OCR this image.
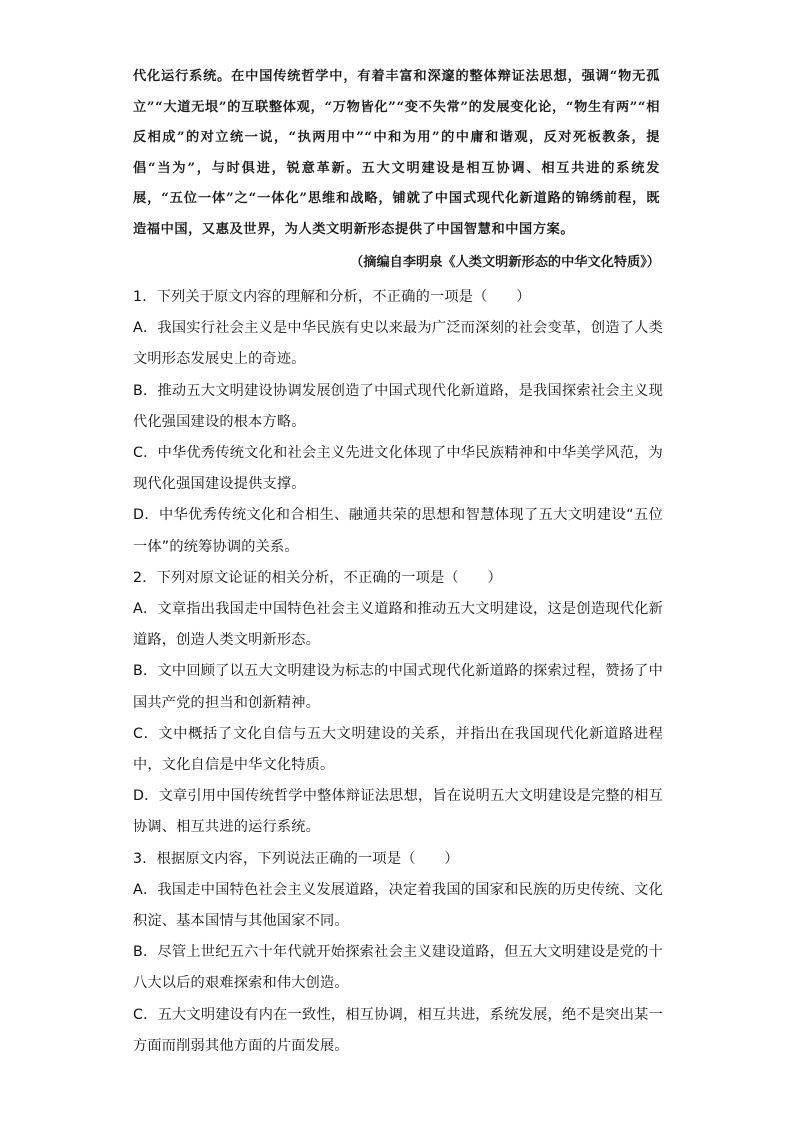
代化运行系统。在中国传统哲学中，有着丰富和深邃的整体辩证法思想，强调“物无孤立”“大道无垠”的互联整体观，“万物皆化”“变不失常”的发展变化论，“物生有两”“相反相成”的对立统一说，“执两用中”“中和为用”的中庸和谐观，反对死板教条，提倡“当为”，与时俱进，锐意革新。五大文明建设是相互协调、相互共进的系统发展，“五位一体”之“一体化”思维和战略，铺就了中国式现代化新道路的锦绣前程，既造福中国，又惠及世界，为人类文明新形态提供了中国智慧和中国方案。
（摘编自李明泉《人类文明新形态的中华文化特质》）

1．下列关于原文内容的理解和分析，不正确的一项是（　　）

A．我国实行社会主义是中华民族有史以来最为广泛而深刻的社会变革，创造了人类文明形态发展史上的奇迹。

B．推动五大文明建设协调发展创造了中国式现代化新道路，是我国探索社会主义现代化强国建设的根本方略。

C．中华优秀传统文化和社会主义先进文化体现了中华民族精神和中华美学风范，为现代化强国建设提供支撑。

D．中华优秀传统文化和合相生、融通共荣的思想和智慧体现了五大文明建设“五位一体”的统筹协调的关系。

2．下列对原文论证的相关分析，不正确的一项是（　　）

A．文章指出我国走中国特色社会主义道路和推动五大文明建设，这是创造现代化新道路，创造人类文明新形态。

B．文中回顾了以五大文明建设为标志的中国式现代化新道路的探索过程，赞扬了中国共产党的担当和创新精神。

C．文中概括了文化自信与五大文明建设的关系，并指出在我国现代化新道路进程中，文化自信是中华文化特质。

D．文章引用中国传统哲学中整体辩证法思想，旨在说明五大文明建设是完整的相互协调、相互共进的运行系统。

3．根据原文内容，下列说法正确的一项是（　　）

A．我国走中国特色社会主义发展道路，决定着我国的国家和民族的历史传统、文化积淀、基本国情与其他国家不同。

B．尽管上世纪五六十年代就开始探索社会主义建设道路，但五大文明建设是党的十八大以后的艰难探索和伟大创造。

C．五大文明建设有内在一致性，相互协调，相互共进，系统发展，绝不是突出某一方面而削弱其他方面的片面发展。
